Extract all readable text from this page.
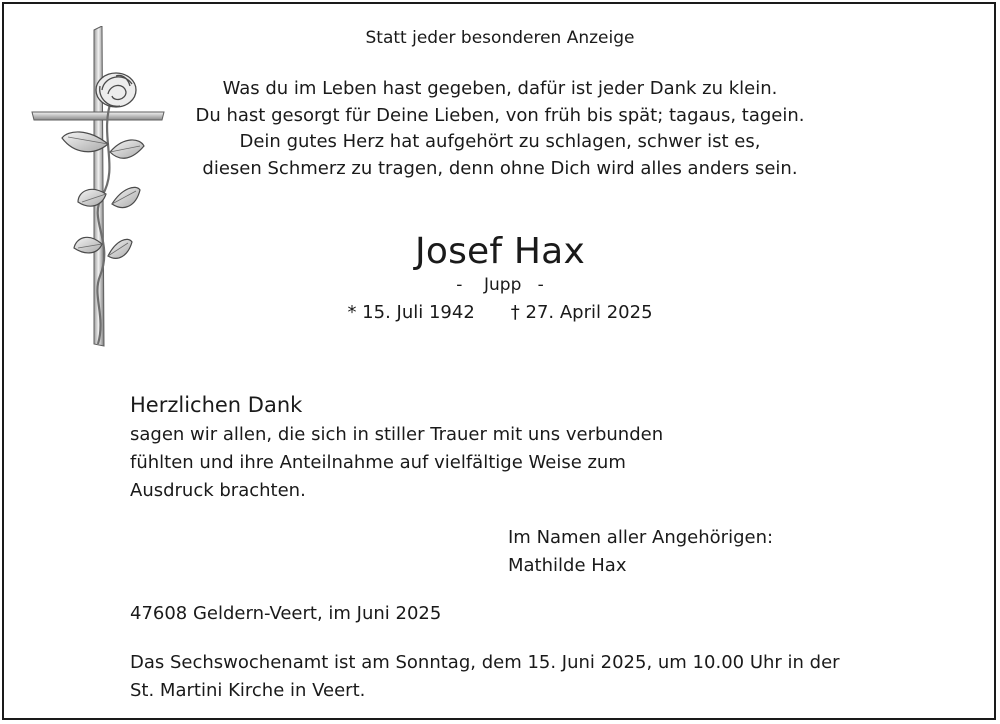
Statt jeder besonderen Anzeige
Was du im Leben hast gegeben, dafür ist jeder Dank zu klein.
Du hast gesorgt für Deine Lieben, von früh bis spät; tagaus, tagein.
Dein gutes Herz hat aufgehört zu schlagen, schwer ist es,
diesen Schmerz zu tragen, denn ohne Dich wird alles anders sein.
Josef Hax
-    Jupp   -
* 15. Juli 1942 † 27. April 2025
Herzlichen Dank
sagen wir allen, die sich in stiller Trauer mit uns verbunden
fühlten und ihre Anteilnahme auf vielfältige Weise zum
Ausdruck brachten.
Im Namen aller Angehörigen:
Mathilde Hax
47608 Geldern-Veert, im Juni 2025
Das Sechswochenamt ist am Sonntag, dem 15. Juni 2025, um 10.00 Uhr in der
St. Martini Kirche in Veert.
